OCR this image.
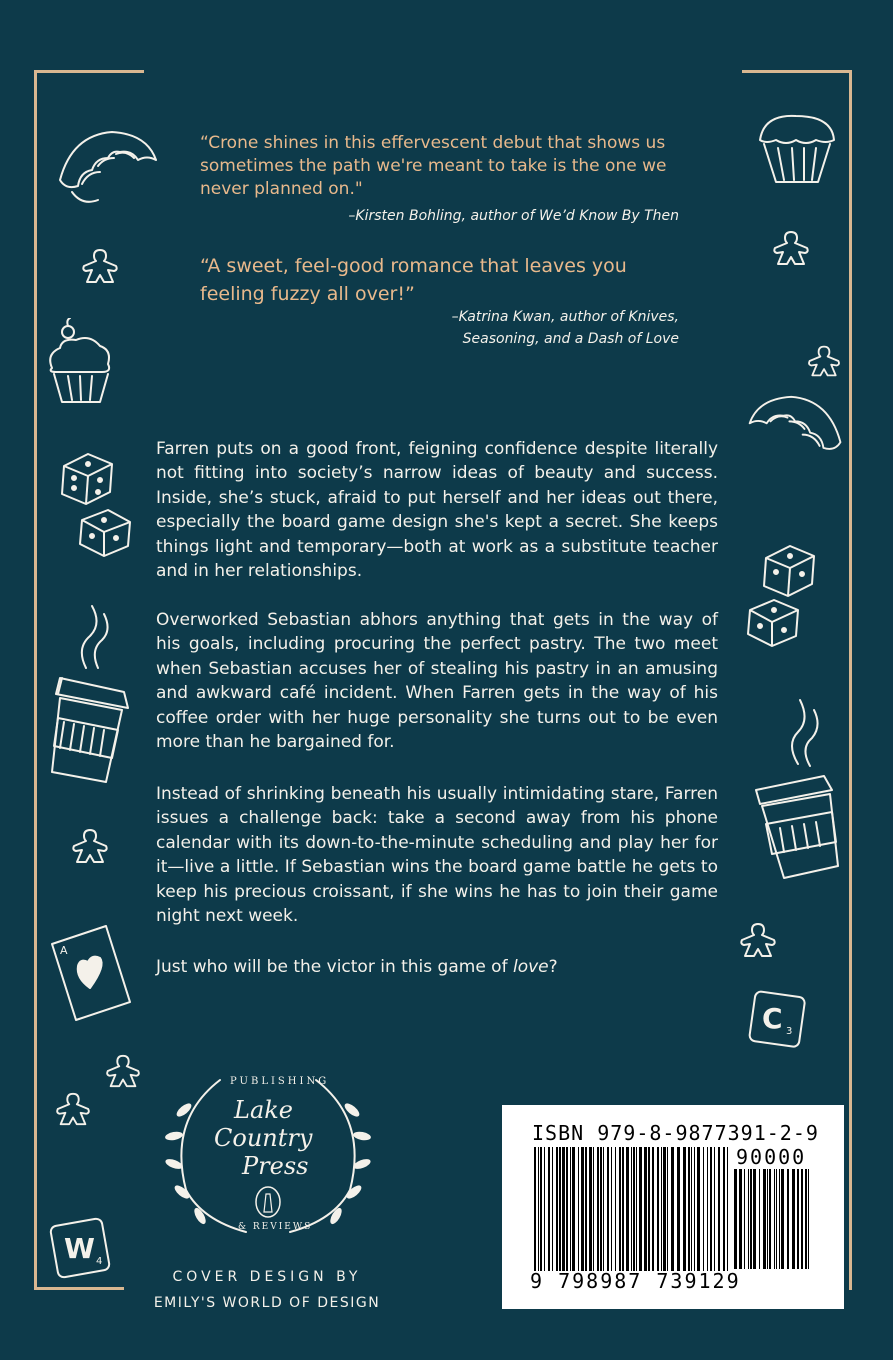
“Crone shines in this effervescent debut that shows us sometimes the path we're meant to take is the one we never planned on."
–Kirsten Bohling, author of We’d Know By Then
“A sweet, feel-good romance that leaves you feeling fuzzy all over!”
–Katrina Kwan, author of Knives,
Seasoning, and a Dash of Love
Farren puts on a good front, feigning confidence despite literally not fitting into society’s narrow ideas of beauty and success. Inside, she’s stuck, afraid to put herself and her ideas out there, especially the board game design she's kept a secret. She keeps things light and temporary—both at work as a substitute teacher and in her relationships.
Overworked Sebastian abhors anything that gets in the way of his goals, including procuring the perfect pastry. The two meet when Sebastian accuses her of stealing his pastry in an amusing and awkward café incident. When Farren gets in the way of his coffee order with her huge personality she turns out to be even more than he bargained for.
Instead of shrinking beneath his usually intimidating stare, Farren issues a challenge back: take a second away from his phone calendar with its down-to-the-minute scheduling and play her for it—live a little. If Sebastian wins the board game battle he gets to keep his precious croissant, if she wins he has to join their game night next week.
Just who will be the victor in this game of love?
A
C 3
W 4
PUBLISHING
Lake
Country
Press
& REVIEWS
COVER DESIGN BY
EMILY'S WORLD OF DESIGN
ISBN 979-8-9877391-2-9
90000
9 798987 739129
